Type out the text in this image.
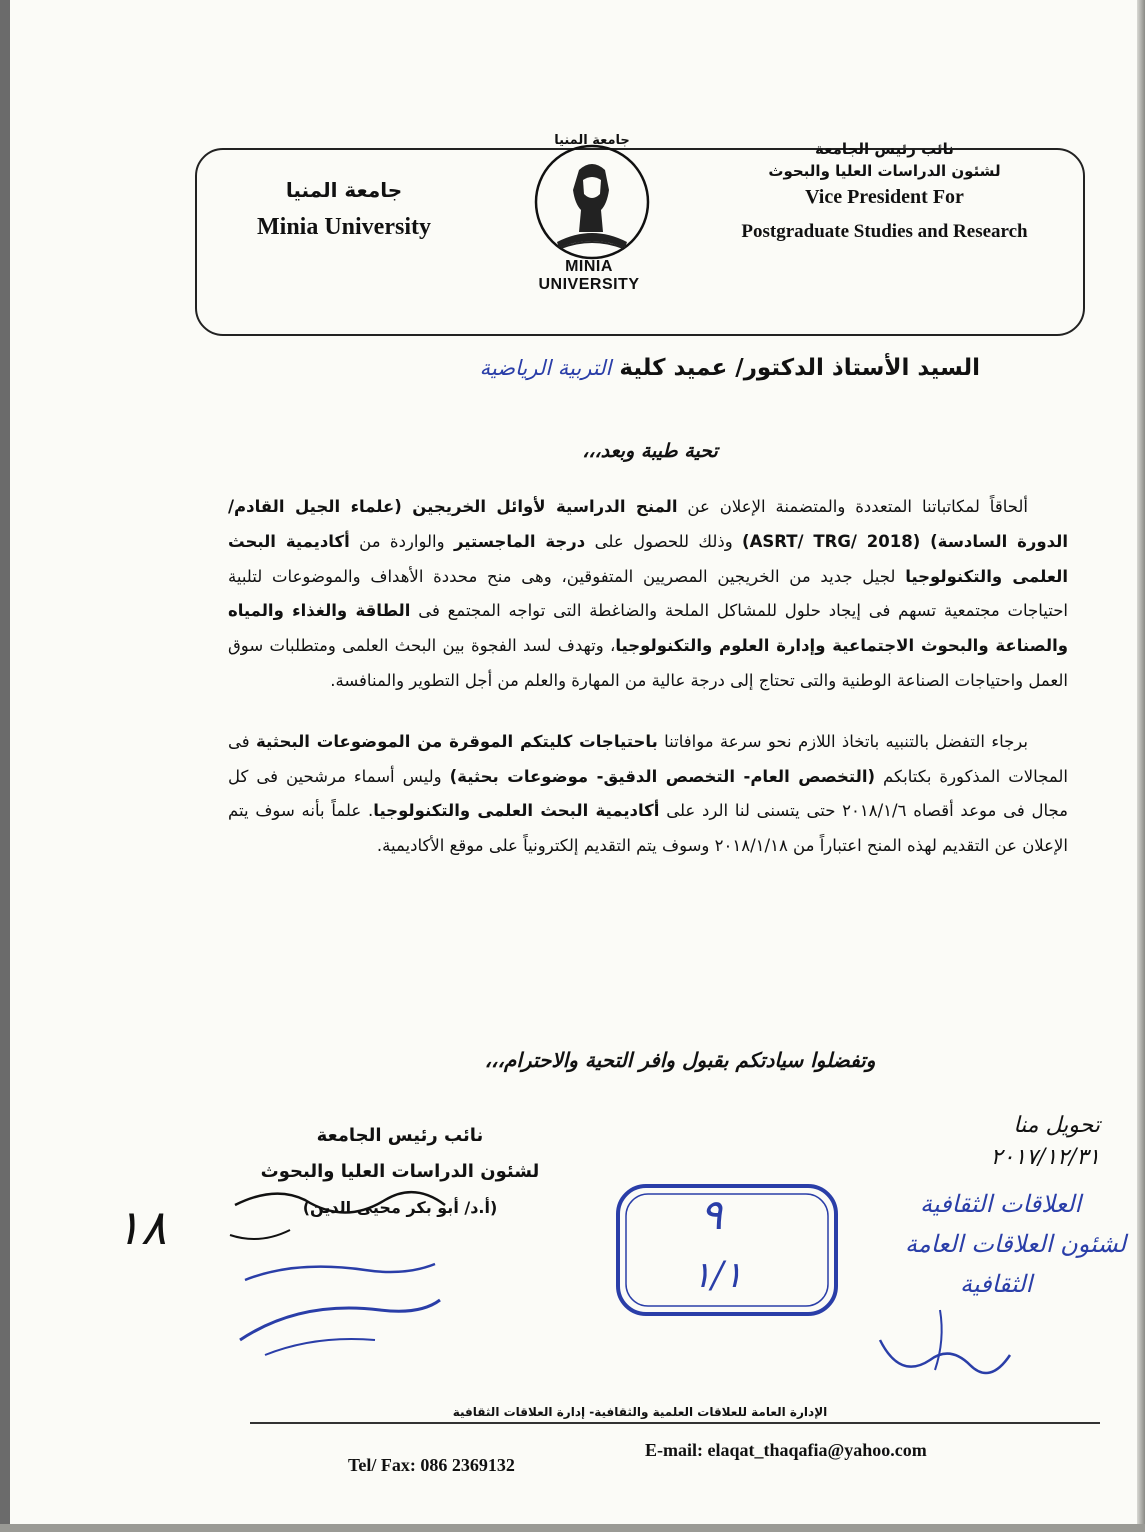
جامعة المنيا
Minia University
جامعة المنيا
MINIA UNIVERSITY
نائب رئيس الجامعة
لشئون الدراسات العليا والبحوث
Vice President For
Postgraduate Studies and Research
السيد الأستاذ الدكتور/ عميد كليةالتربية الرياضية
تحية طيبة وبعد،،،

ألحاقاً لمكاتباتنا المتعددة والمتضمنة الإعلان عن المنح الدراسية لأوائل الخريجين (علماء الجيل القادم/ الدورة السادسة) (ASRT/ TRG/ 2018) وذلك للحصول على درجة الماجستير والواردة من أكاديمية البحث العلمى والتكنولوجيا لجيل جديد من الخريجين المصريين المتفوقين، وهى منح محددة الأهداف والموضوعات لتلبية احتياجات مجتمعية تسهم فى إيجاد حلول للمشاكل الملحة والضاغطة التى تواجه المجتمع فى الطاقة والغذاء والمياه والصناعة والبحوث الاجتماعية وإدارة العلوم والتكنولوجيا، وتهدف لسد الفجوة بين البحث العلمى ومتطلبات سوق العمل واحتياجات الصناعة الوطنية والتى تحتاج إلى درجة عالية من المهارة والعلم من أجل التطوير والمنافسة.

برجاء التفضل بالتنبيه باتخاذ اللازم نحو سرعة موافاتنا باحتياجات كليتكم الموقرة من الموضوعات البحثية فى المجالات المذكورة بكتابكم (التخصص العام- التخصص الدقيق- موضوعات بحثية) وليس أسماء مرشحين فى كل مجال فى موعد أقصاه ٢٠١٨/١/٦ حتى يتسنى لنا الرد على أكاديمية البحث العلمى والتكنولوجيا. علماً بأنه سوف يتم الإعلان عن التقديم لهذه المنح اعتباراً من ٢٠١٨/١/١٨ وسوف يتم التقديم إلكترونياً على موقع الأكاديمية.

وتفضلوا سيادتكم بقبول وافر التحية والاحترام،،،
نائب رئيس الجامعة
لشئون الدراسات العليا والبحوث
(أ.د/ أبو بكر محيى الدين)
١٨	٩
١/١
تحويل منا ٢٠١٧/١٢/٣١
العلاقات الثقافية
لشئون العلاقات العامة
الثقافية
الإدارة العامة للعلاقات العلمية والثقافية- إدارة العلاقات الثقافية
Tel/ Fax: 086 2369132
E-mail: elaqat_thaqafia@yahoo.com
